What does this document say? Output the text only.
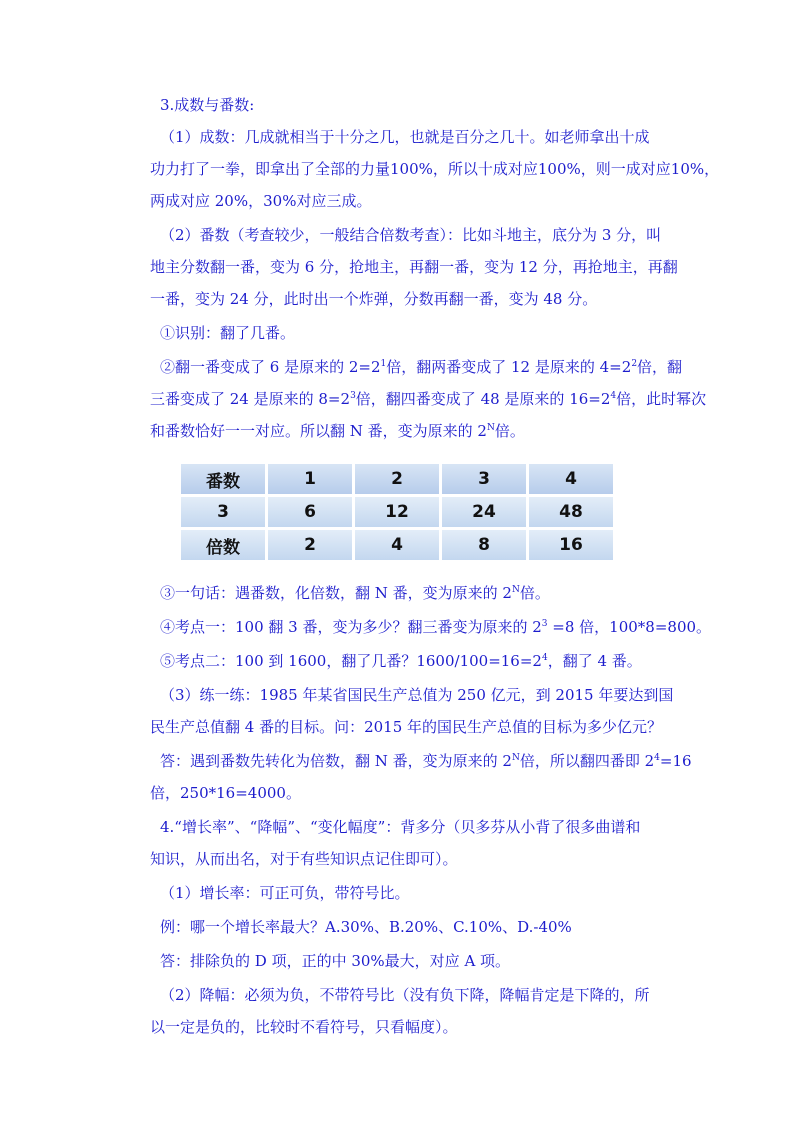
3.成数与番数:

（1）成数：几成就相当于十分之几，也就是百分之几十。如老师拿出十成

功力打了一拳，即拿出了全部的力量100%，所以十成对应100%，则一成对应10%，

两成对应 20%，30%对应三成。

（2）番数（考查较少，一般结合倍数考查）：比如斗地主，底分为 3 分，叫

地主分数翻一番，变为 6 分，抢地主，再翻一番，变为 12 分，再抢地主，再翻

一番，变为 24 分，此时出一个炸弹，分数再翻一番，变为 48 分。

①识别：翻了几番。

②翻一番变成了 6 是原来的 $2=2^1$倍，翻两番变成了 12 是原来的 $4=2^2$倍，翻

三番变成了 24 是原来的 $8=2^3$倍，翻四番变成了 48 是原来的 $16=2^4$倍，此时幂次

和番数恰好一一对应。所以翻 N 番，变为原来的 $2^N$倍。

番数	1	2	3	4
3	6	12	24	48
倍数	2	4	8	16

③一句话：遇番数，化倍数，翻 N 番，变为原来的 $2^N$倍。

④考点一：100 翻 3 番，变为多少？翻三番变为原来的 $2^3 =8$ 倍，100*8=800。

⑤考点二：100 到 1600，翻了几番？$1600/100=16=2^4$，翻了 4 番。

（3）练一练：1985 年某省国民生产总值为 250 亿元，到 2015 年要达到国

民生产总值翻 4 番的目标。问：2015 年的国民生产总值的目标为多少亿元？

答：遇到番数先转化为倍数，翻 N 番，变为原来的 $2^N$倍，所以翻四番即 $2^4=16$

倍，250*16=4000。

4.“增长率”、“降幅”、“变化幅度”：背多分（贝多芬从小背了很多曲谱和

知识，从而出名，对于有些知识点记住即可）。

（1）增长率：可正可负，带符号比。

例：哪一个增长率最大？A.30%、B.20%、C.10%、D.-40%

答：排除负的 D 项，正的中 30%最大，对应 A 项。

（2）降幅：必须为负，不带符号比（没有负下降，降幅肯定是下降的，所

以一定是负的，比较时不看符号，只看幅度）。
